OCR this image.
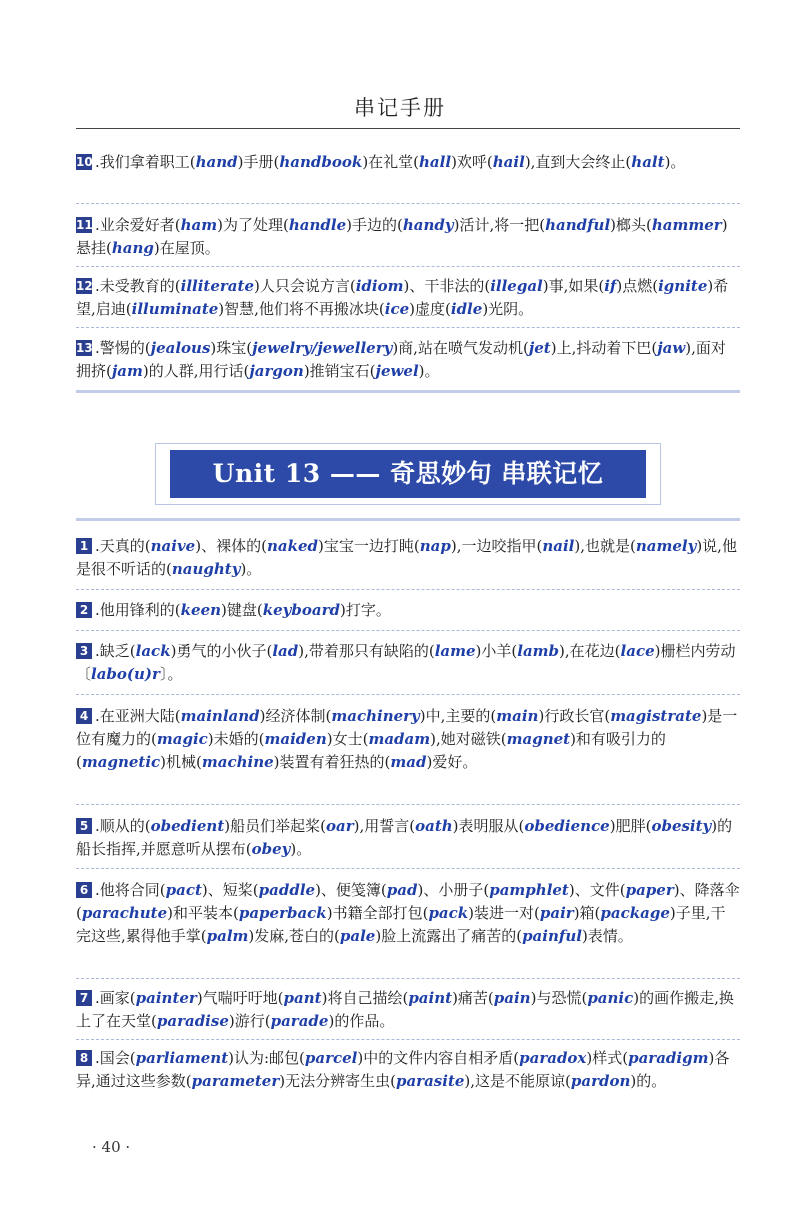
串记手册
10 .我们拿着职工(hand)手册(handbook)在礼堂(hall)欢呼(hail),直到大会终止(halt)。
11 .业余爱好者(ham)为了处理(handle)手边的(handy)活计,将一把(handful)榔头(hammer)悬挂(hang)在屋顶。
12 .未受教育的(illiterate)人只会说方言(idiom)、干非法的(illegal)事,如果(if)点燃(ignite)希望,启迪(illuminate)智慧,他们将不再搬冰块(ice)虚度(idle)光阴。
13 .警惕的(jealous)珠宝(jewelry/jewellery)商,站在喷气发动机(jet)上,抖动着下巴(jaw),面对拥挤(jam)的人群,用行话(jargon)推销宝石(jewel)。
Unit 13 —— 奇思妙句 串联记忆
1 .天真的(naive)、裸体的(naked)宝宝一边打盹(nap),一边咬指甲(nail),也就是(namely)说,他是很不听话的(naughty)。
2 .他用锋利的(keen)键盘(keyboard)打字。
3 .缺乏(lack)勇气的小伙子(lad),带着那只有缺陷的(lame)小羊(lamb),在花边(lace)栅栏内劳动〔labo(u)r〕。
4 .在亚洲大陆(mainland)经济体制(machinery)中,主要的(main)行政长官(magistrate)是一位有魔力的(magic)未婚的(maiden)女士(madam),她对磁铁(magnet)和有吸引力的(magnetic)机械(machine)装置有着狂热的(mad)爱好。
5 .顺从的(obedient)船员们举起桨(oar),用誓言(oath)表明服从(obedience)肥胖(obesity)的船长指挥,并愿意听从摆布(obey)。
6 .他将合同(pact)、短桨(paddle)、便笺簿(pad)、小册子(pamphlet)、文件(paper)、降落伞(parachute)和平装本(paperback)书籍全部打包(pack)装进一对(pair)箱(package)子里,干完这些,累得他手掌(palm)发麻,苍白的(pale)脸上流露出了痛苦的(painful)表情。
7 .画家(painter)气喘吁吁地(pant)将自己描绘(paint)痛苦(pain)与恐慌(panic)的画作搬走,换上了在天堂(paradise)游行(parade)的作品。
8 .国会(parliament)认为:邮包(parcel)中的文件内容自相矛盾(paradox)样式(paradigm)各异,通过这些参数(parameter)无法分辨寄生虫(parasite),这是不能原谅(pardon)的。
· 40 ·
